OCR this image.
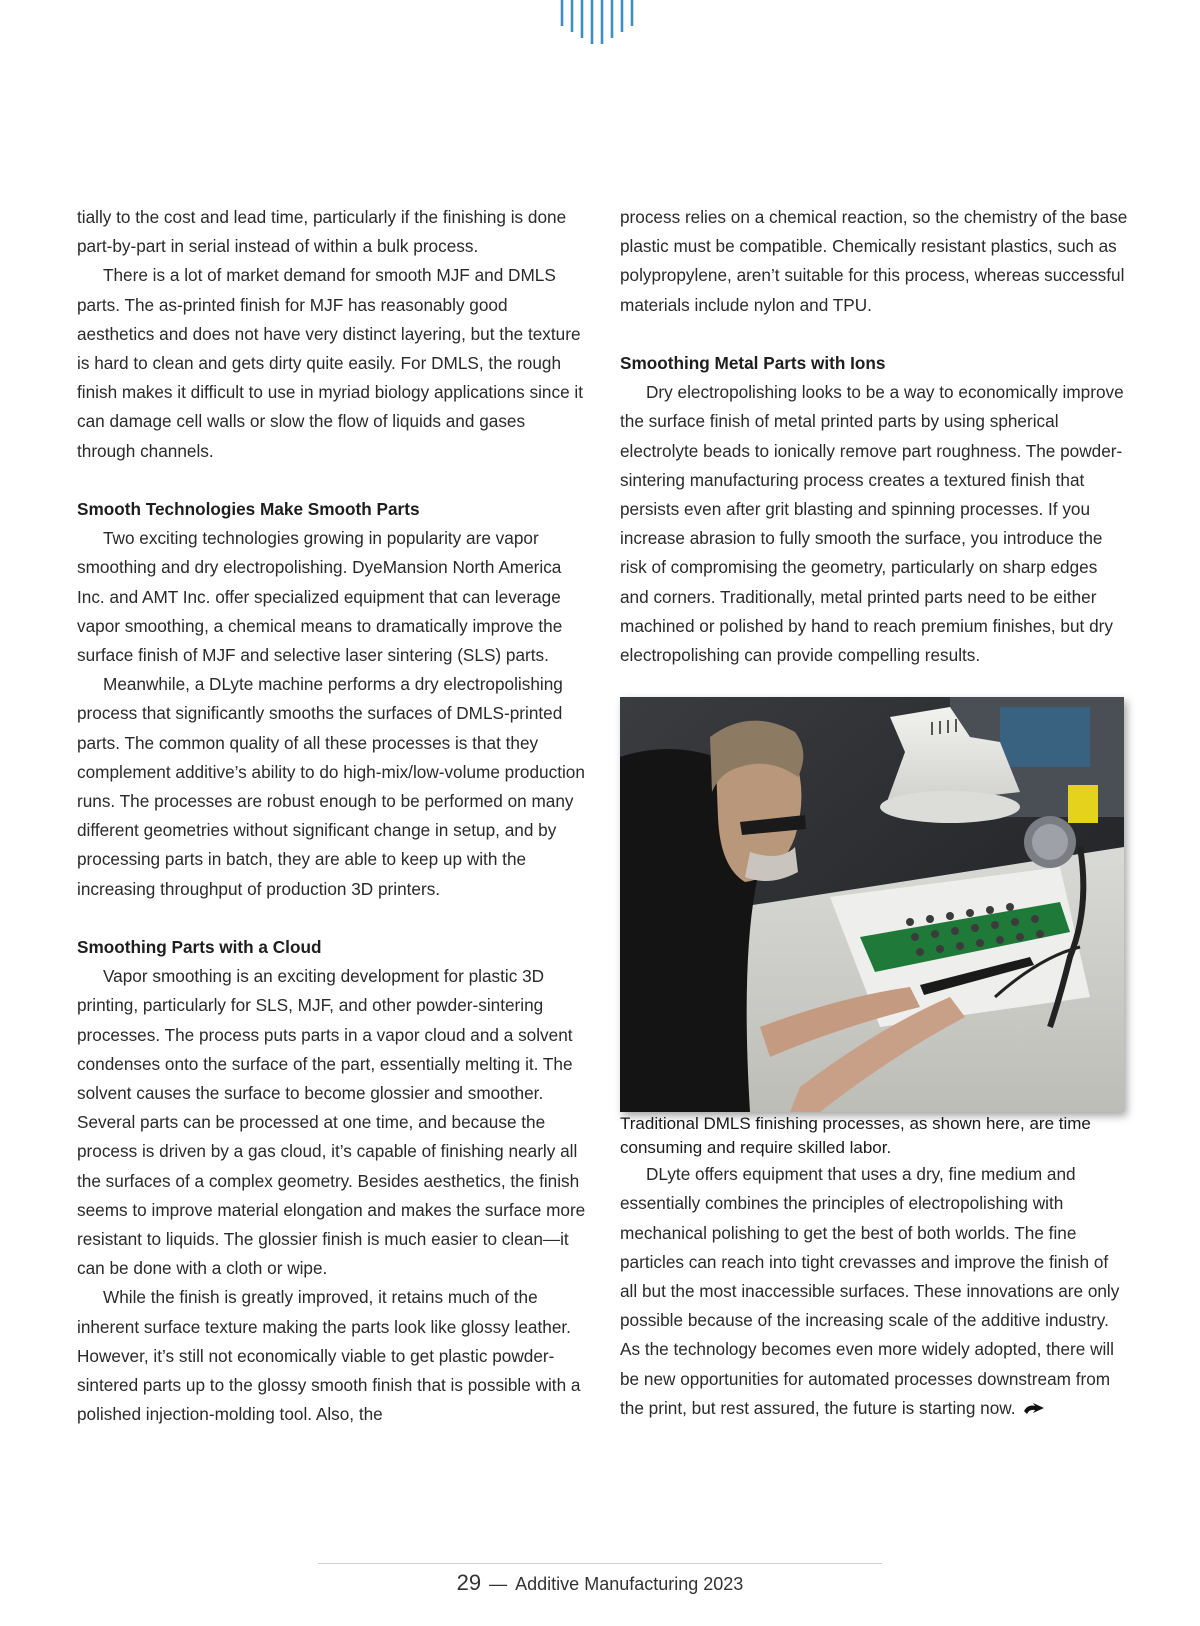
tially to the cost and lead time, particularly if the finishing is done part-by-part in serial instead of within a bulk process.

There is a lot of market demand for smooth MJF and DMLS parts. The as-printed finish for MJF has reasonably good aesthetics and does not have very distinct layering, but the texture is hard to clean and gets dirty quite easily. For DMLS, the rough finish makes it difficult to use in myriad biology applications since it can damage cell walls or slow the flow of liquids and gases through channels.

Smooth Technologies Make Smooth Parts

Two exciting technologies growing in popularity are vapor smoothing and dry electropolishing. DyeMansion North America Inc. and AMT Inc. offer specialized equipment that can leverage vapor smoothing, a chemical means to dramatically improve the surface finish of MJF and selective laser sintering (SLS) parts.

Meanwhile, a DLyte machine performs a dry electropolishing process that significantly smooths the surfaces of DMLS-printed parts. The common quality of all these processes is that they complement additive’s ability to do high-mix/low-volume production runs. The processes are robust enough to be performed on many different geometries without significant change in setup, and by processing parts in batch, they are able to keep up with the increasing throughput of production 3D printers.

Smoothing Parts with a Cloud

Vapor smoothing is an exciting development for plastic 3D printing, particularly for SLS, MJF, and other powder-sintering processes. The process puts parts in a vapor cloud and a solvent condenses onto the surface of the part, essentially melting it. The solvent causes the surface to become glossier and smoother. Several parts can be processed at one time, and because the process is driven by a gas cloud, it’s capable of finishing nearly all the surfaces of a complex geometry. Besides aesthetics, the finish seems to improve material elongation and makes the surface more resistant to liquids. The glossier finish is much easier to clean—it can be done with a cloth or wipe.

While the finish is greatly improved, it retains much of the inherent surface texture making the parts look like glossy leather. However, it’s still not economically viable to get plastic powder-sintered parts up to the glossy smooth finish that is possible with a polished injection-molding tool. Also, the

process relies on a chemical reaction, so the chemistry of the base plastic must be compatible. Chemically resistant plastics, such as polypropylene, aren’t suitable for this process, whereas successful materials include nylon and TPU.

Smoothing Metal Parts with Ions

Dry electropolishing looks to be a way to economically improve the surface finish of metal printed parts by using spherical electrolyte beads to ionically remove part roughness. The powder-sintering manufacturing process creates a textured finish that persists even after grit blasting and spinning processes. If you increase abrasion to fully smooth the surface, you introduce the risk of compromising the geometry, particularly on sharp edges and corners. Traditionally, metal printed parts need to be either machined or polished by hand to reach premium finishes, but dry electropolishing can provide compelling results.

Traditional DMLS finishing processes, as shown here, are time consuming and require skilled labor.

DLyte offers equipment that uses a dry, fine medium and essentially combines the principles of electropolishing with mechanical polishing to get the best of both worlds. The fine particles can reach into tight crevasses and improve the finish of all but the most inaccessible surfaces. These innovations are only possible because of the increasing scale of the additive industry. As the technology becomes even more widely adopted, there will be new opportunities for automated processes downstream from the print, but rest assured, the future is starting now.

29 — Additive Manufacturing 2023
